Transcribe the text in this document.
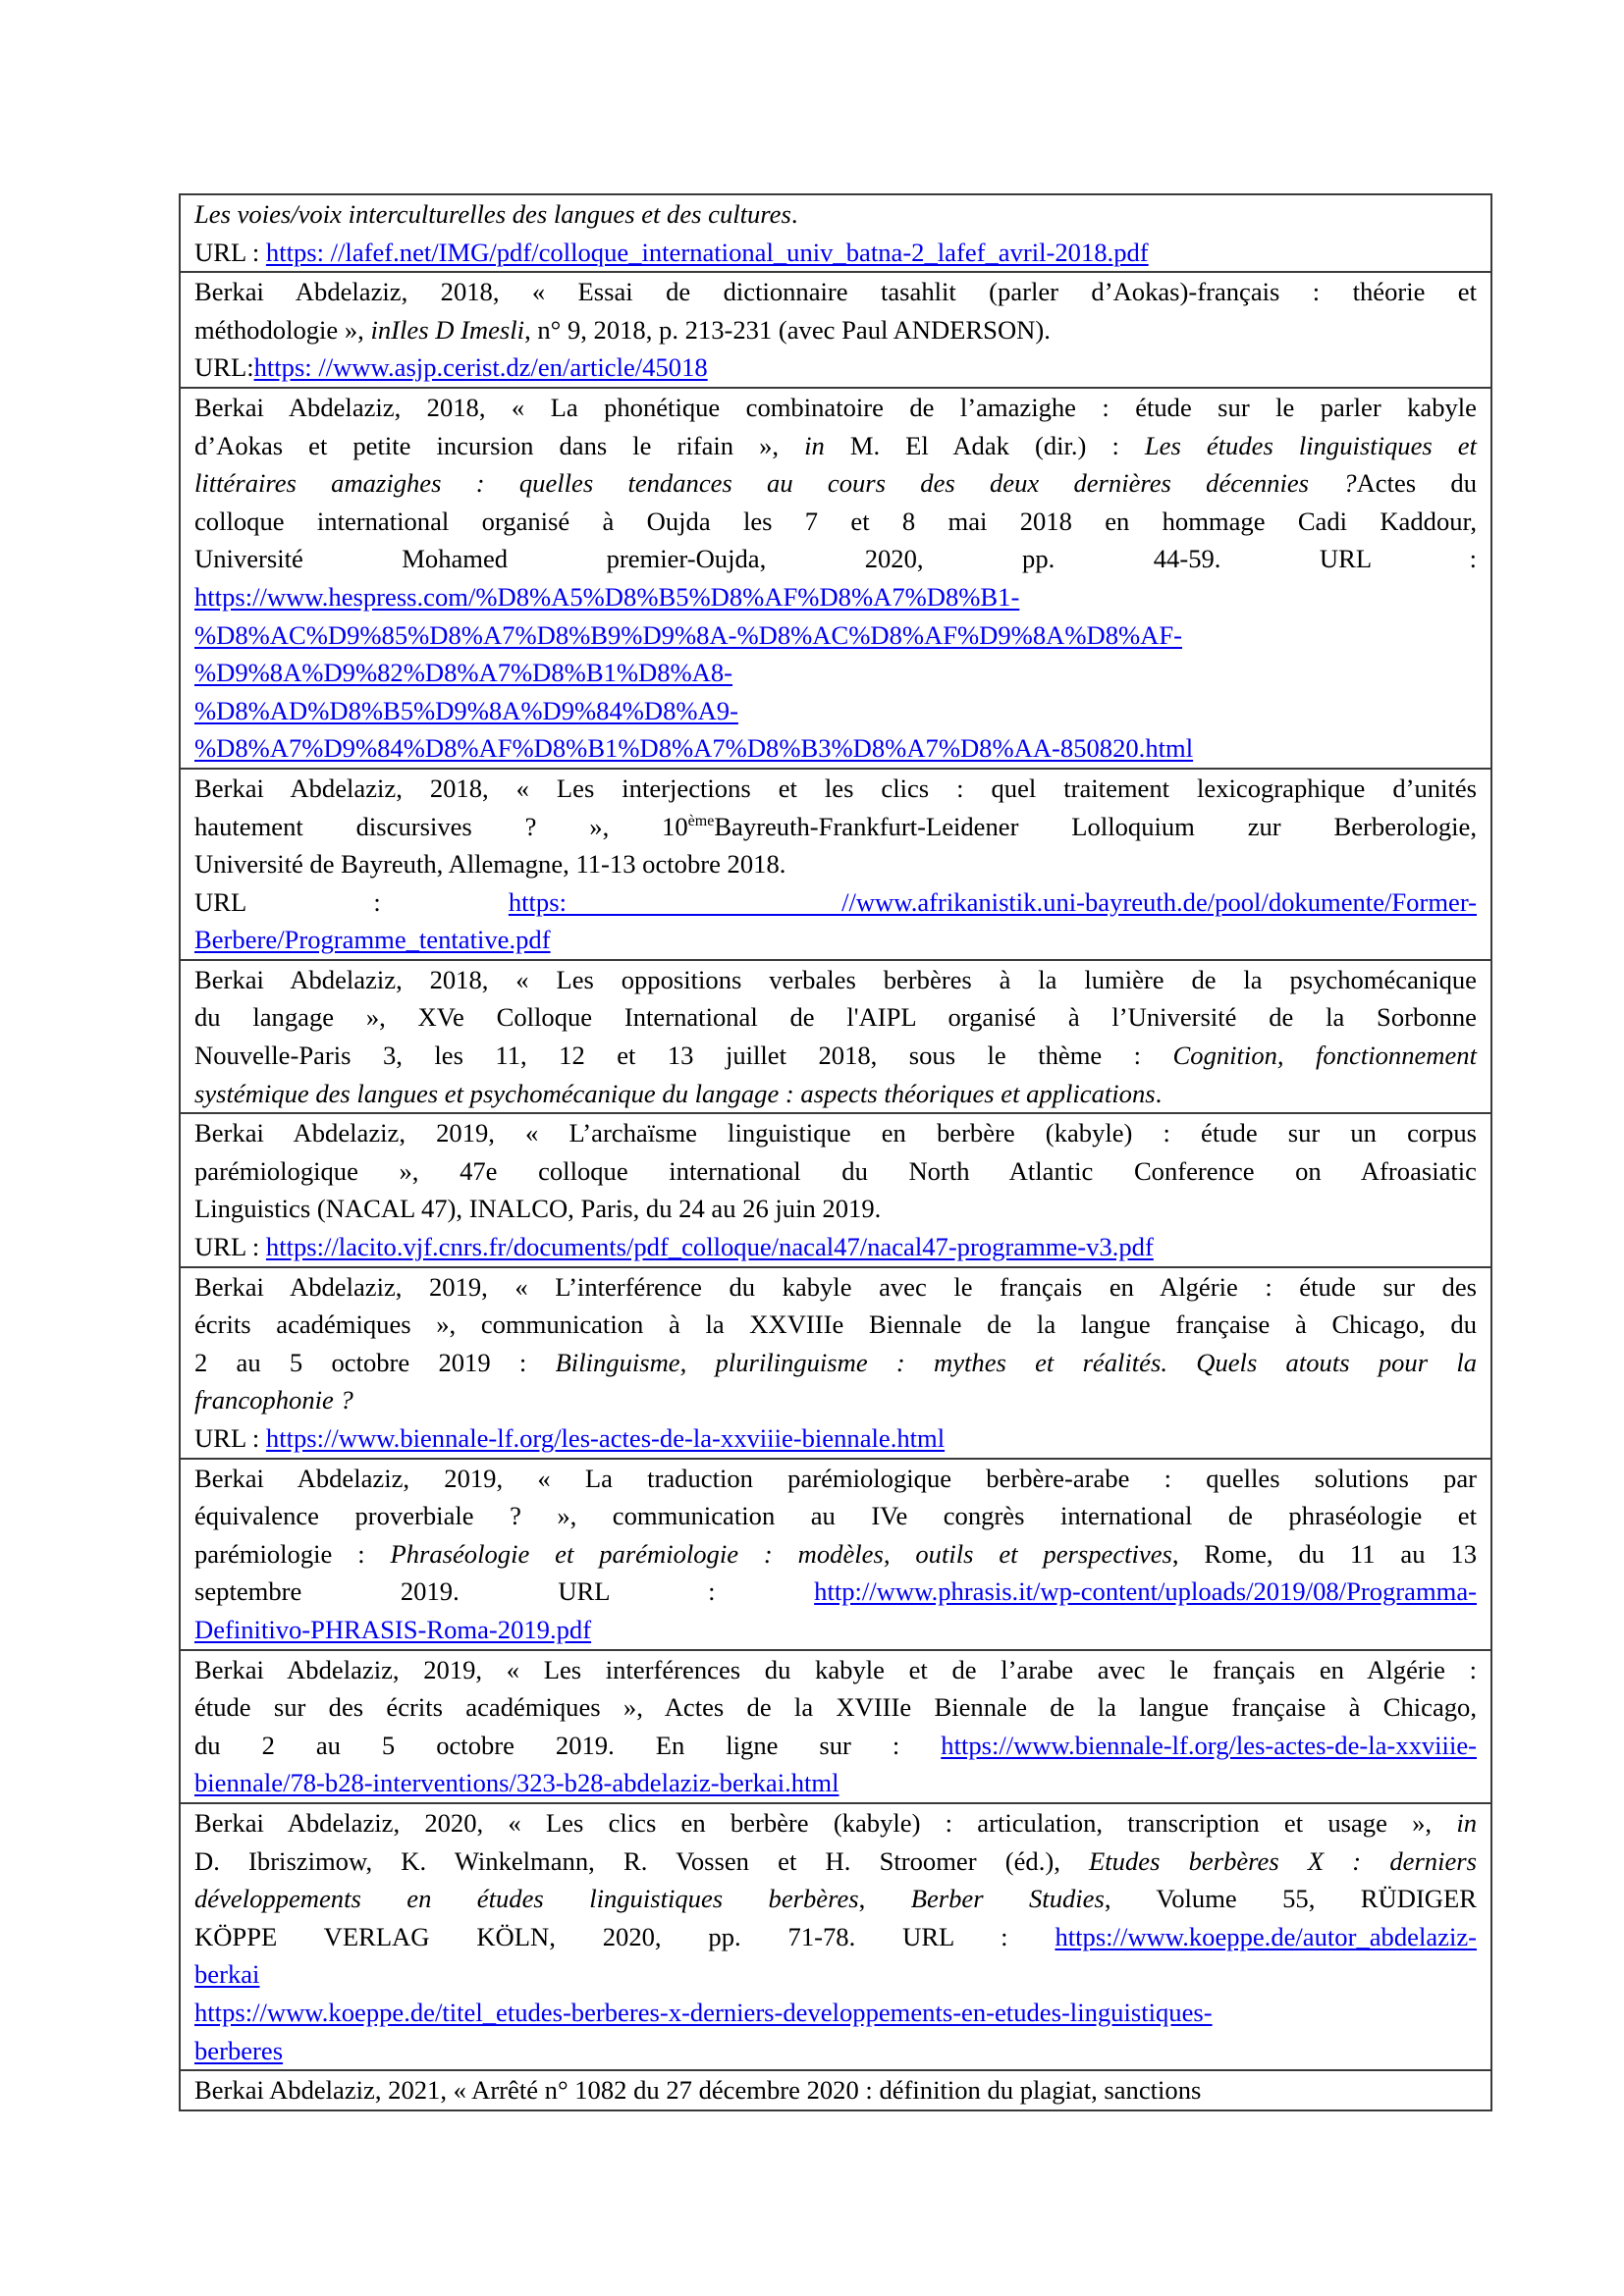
Les voies/voix interculturelles des langues et des cultures.
URL : https: //lafef.net/IMG/pdf/colloque_international_univ_batna-2_lafef_avril-2018.pdf

Berkai Abdelaziz, 2018, « Essai de dictionnaire tasahlit (parler d’Aokas)-français : théorie et
méthodologie », inIles D Imesli, n° 9, 2018, p. 213-231 (avec Paul ANDERSON).
URL:https: //www.asjp.cerist.dz/en/article/45018

Berkai Abdelaziz, 2018, « La phonétique combinatoire de l’amazighe : étude sur le parler kabyle
d’Aokas et petite incursion dans le rifain », in M. El Adak (dir.) : Les études linguistiques et
littéraires amazighes : quelles tendances au cours des deux dernières décennies ?Actes du
colloque international organisé à Oujda les 7 et 8 mai 2018 en hommage Cadi Kaddour,
Université Mohamed premier-Oujda, 2020, pp. 44-59. URL :
https://www.hespress.com/%D8%A5%D8%B5%D8%AF%D8%A7%D8%B1-
%D8%AC%D9%85%D8%A7%D8%B9%D9%8A-%D8%AC%D8%AF%D9%8A%D8%AF-
%D9%8A%D9%82%D8%A7%D8%B1%D8%A8-
%D8%AD%D8%B5%D9%8A%D9%84%D8%A9-
%D8%A7%D9%84%D8%AF%D8%B1%D8%A7%D8%B3%D8%A7%D8%AA-850820.html

Berkai Abdelaziz, 2018, « Les interjections et les clics : quel traitement lexicographique d’unités
hautement discursives ? », 10èmeBayreuth-Frankfurt-Leidener Lolloquium zur Berberologie,
Université de Bayreuth, Allemagne, 11-13 octobre 2018.
URL :	https: //www.afrikanistik.uni-bayreuth.de/pool/dokumente/Former-
Berbere/Programme_tentative.pdf

Berkai Abdelaziz, 2018, « Les oppositions verbales berbères à la lumière de la psychomécanique
du langage », XVe Colloque International de l'AIPL organisé à l’Université de la Sorbonne
Nouvelle-Paris 3, les 11, 12 et 13 juillet 2018, sous le thème : Cognition, fonctionnement
systémique des langues et psychomécanique du langage : aspects théoriques et applications.

Berkai Abdelaziz, 2019, « L’archaïsme linguistique en berbère (kabyle) : étude sur un corpus
parémiologique », 47e colloque international du North Atlantic Conference on Afroasiatic
Linguistics (NACAL 47), INALCO, Paris, du 24 au 26 juin 2019.
URL : https://lacito.vjf.cnrs.fr/documents/pdf_colloque/nacal47/nacal47-programme-v3.pdf

Berkai Abdelaziz, 2019, « L’interférence du kabyle avec le français en Algérie : étude sur des
écrits académiques », communication à la XXVIIIe Biennale de la langue française à Chicago, du
2 au 5 octobre 2019 : Bilinguisme, plurilinguisme : mythes et réalités. Quels atouts pour la
francophonie ?
URL : https://www.biennale-lf.org/les-actes-de-la-xxviiie-biennale.html

Berkai Abdelaziz, 2019, « La traduction parémiologique berbère-arabe : quelles solutions par
équivalence proverbiale ? », communication au IVe congrès international de phraséologie et
parémiologie : Phraséologie et parémiologie : modèles, outils et perspectives, Rome, du 11 au 13
septembre 2019. URL : http://www.phrasis.it/wp-content/uploads/2019/08/Programma-
Definitivo-PHRASIS-Roma-2019.pdf

Berkai Abdelaziz, 2019, « Les interférences du kabyle et de l’arabe avec le français en Algérie :
étude sur des écrits académiques », Actes de la XVIIIe Biennale de la langue française à Chicago,
du 2 au 5 octobre 2019. En ligne sur : https://www.biennale-lf.org/les-actes-de-la-xxviiie-
biennale/78-b28-interventions/323-b28-abdelaziz-berkai.html

Berkai Abdelaziz, 2020, « Les clics en berbère (kabyle) : articulation, transcription et usage », in
D. Ibriszimow, K. Winkelmann, R. Vossen et H. Stroomer (éd.), Etudes berbères X : derniers
développements en études linguistiques berbères, Berber Studies, Volume 55, RÜDIGER
KÖPPE VERLAG KÖLN, 2020, pp. 71-78. URL : https://www.koeppe.de/autor_abdelaziz-
berkai
https://www.koeppe.de/titel_etudes-berberes-x-derniers-developpements-en-etudes-linguistiques-
berberes

Berkai Abdelaziz, 2021, « Arrêté n° 1082 du 27 décembre 2020 : définition du plagiat, sanctions
